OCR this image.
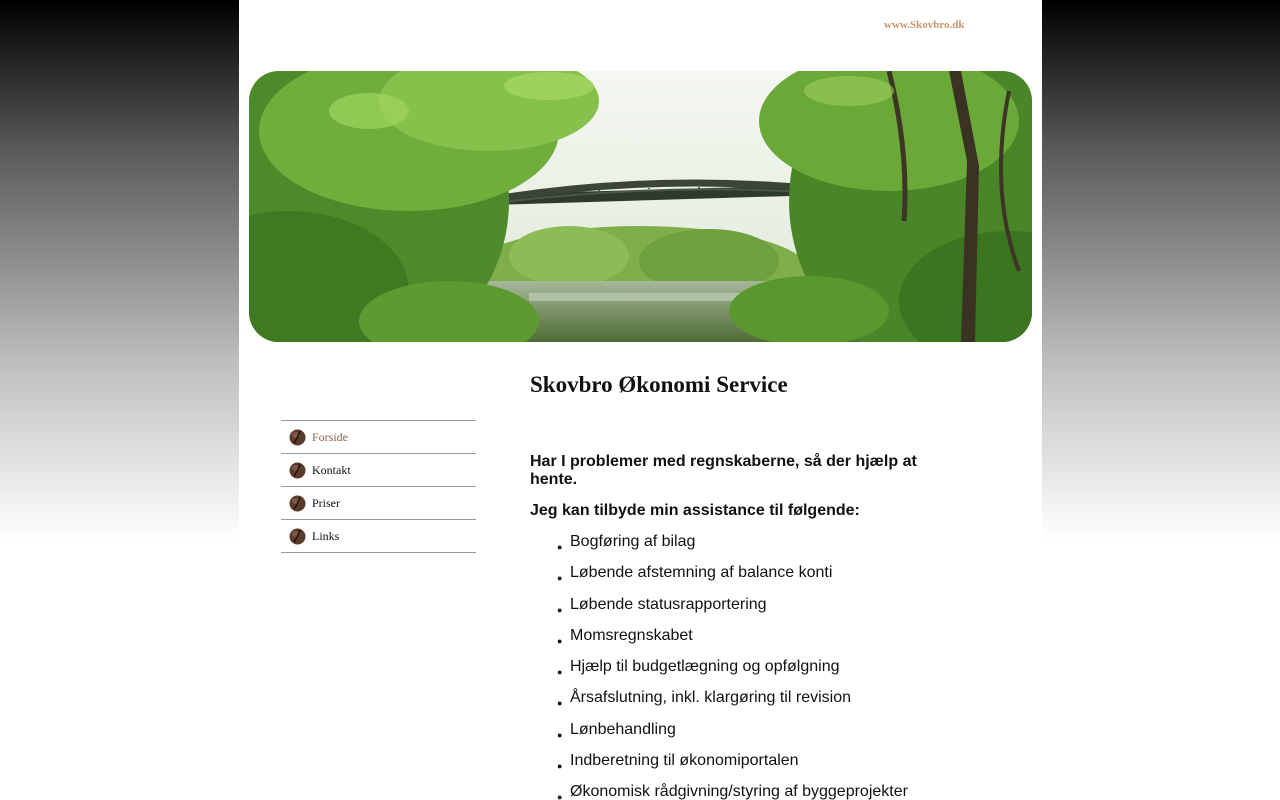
www.Skovbro.dk
Forside
Kontakt
Priser
Links
Skovbro Økonomi Service

Har I problemer med regnskaberne, så der hjælp at hente.

Jeg kan tilbyde min assistance til følgende:

● Bogføring af bilag
● Løbende afstemning af balance konti
● Løbende statusrapportering
● Momsregnskabet
● Hjælp til budgetlægning og opfølgning
● Årsafslutning, inkl. klargøring til revision
● Lønbehandling
● Indberetning til økonomiportalen
● Økonomisk rådgivning/styring af byggeprojekter
